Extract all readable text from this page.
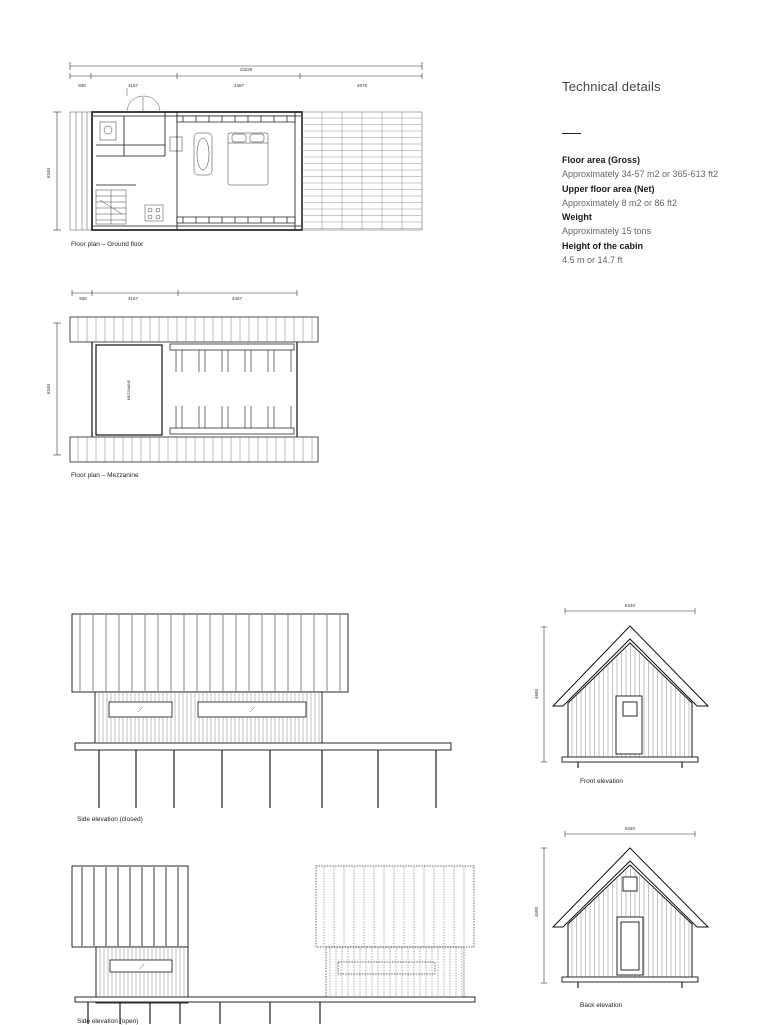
Technical details
Floor area (Gross)
Approximately 34-57 m2 or 365-613 ft2
Upper floor area (Net)
Approximately 8 m2 or 86 ft2
Weight
Approximately 15 tons
Height of the cabin
4.5 m or 14.7 ft
13226
936	3167	4467	4678
6340
Floor plan – Ground floor
936	3167	4467
6340	MEZZANINE
Floor plan – Mezzanine
Side elevation (closed)
Side elevation (open)
6340
4600
Front elevation
6340
4600
Back elevation
